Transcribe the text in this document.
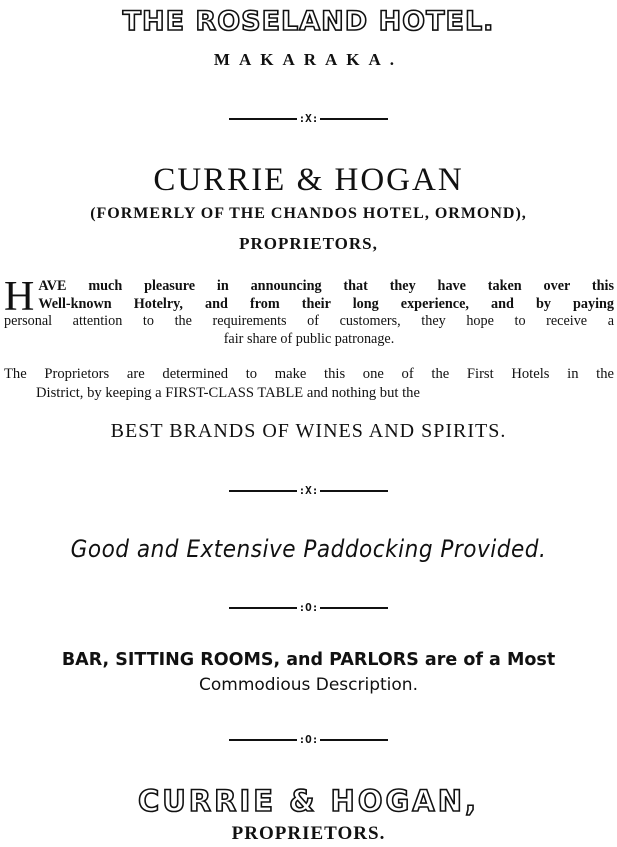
THE ROSELAND HOTEL.
MAKARAKA.
:X:
CURRIE & HOGAN
(FORMERLY OF THE CHANDOS HOTEL, ORMOND),
PROPRIETORS,
H AVE much pleasure in announcing that they have taken over this
Well-known Hotelry, and from their long experience, and by paying
personal attention to the requirements of customers, they hope to receive a
fair share of public patronage.
The Proprietors are determined to make this one of the First Hotels in the
District, by keeping a FIRST-CLASS TABLE and nothing but the
BEST BRANDS OF WINES AND SPIRITS.
:X:
Good and Extensive Paddocking Provided.
:O:
BAR, SITTING ROOMS, and PARLORS are of a Most
Commodious Description.
:O:
CURRIE & HOGAN,
PROPRIETORS.
